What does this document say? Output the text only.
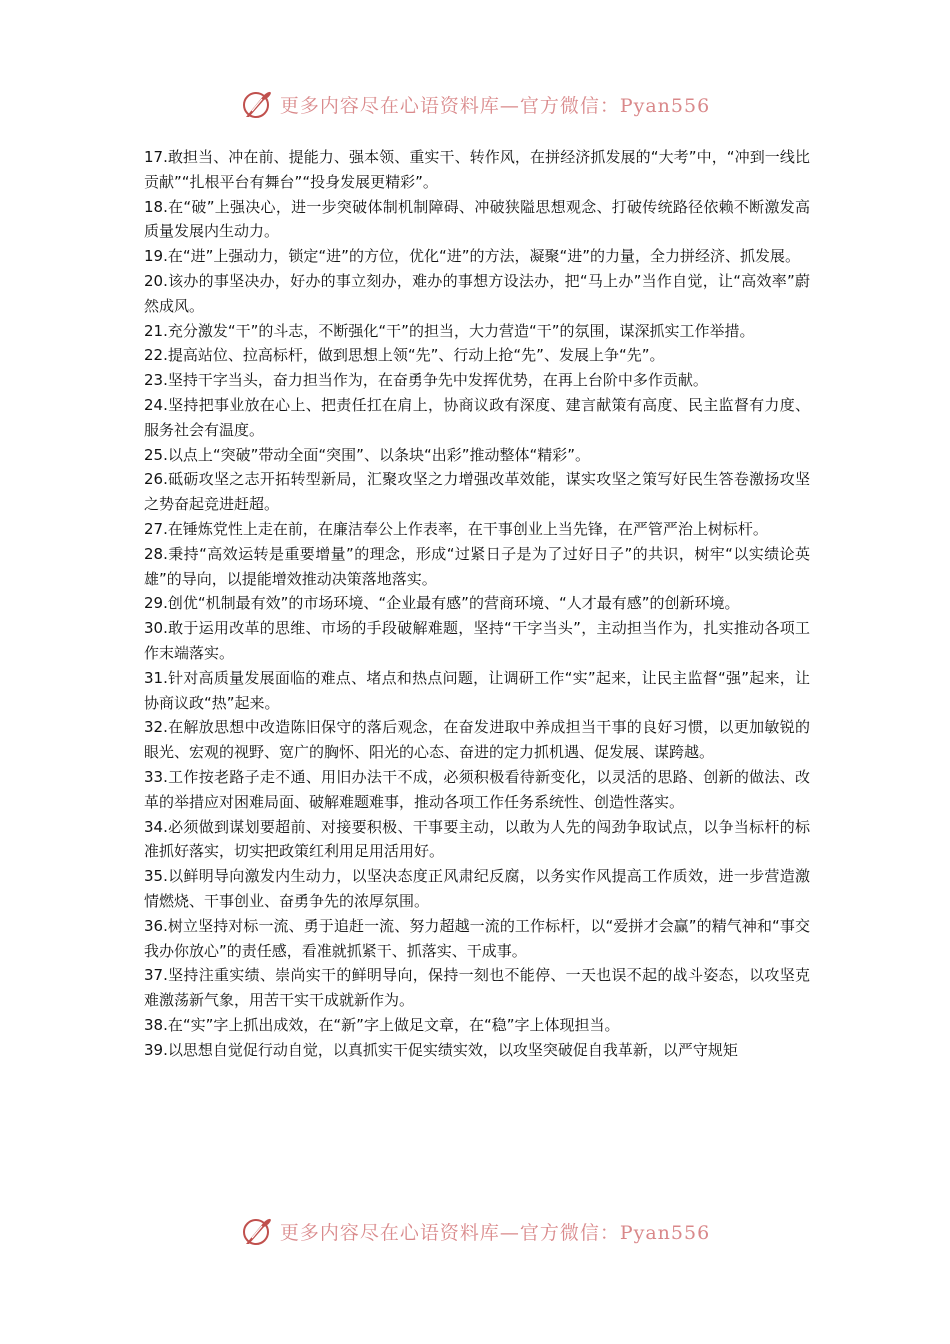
更多内容尽在心语资料库—官方微信：Pyan556

17.敢担当、冲在前、提能力、强本领、重实干、转作风，在拼经济抓发展的“大考”中，“冲到一线比贡献”“扎根平台有舞台”“投身发展更精彩”。

18.在“破”上强决心，进一步突破体制机制障碍、冲破狭隘思想观念、打破传统路径依赖不断激发高质量发展内生动力。

19.在“进”上强动力，锁定“进”的方位，优化“进”的方法，凝聚“进”的力量，全力拼经济、抓发展。

20.该办的事坚决办，好办的事立刻办，难办的事想方设法办，把“马上办”当作自觉，让“高效率”蔚然成风。

21.充分激发“干”的斗志，不断强化“干”的担当，大力营造“干”的氛围，谋深抓实工作举措。

22.提高站位、拉高标杆，做到思想上领“先”、行动上抢“先”、发展上争“先”。

23.坚持干字当头，奋力担当作为，在奋勇争先中发挥优势，在再上台阶中多作贡献。

24.坚持把事业放在心上、把责任扛在肩上，协商议政有深度、建言献策有高度、民主监督有力度、服务社会有温度。

25.以点上“突破”带动全面“突围”、以条块“出彩”推动整体“精彩”。

26.砥砺攻坚之志开拓转型新局，汇聚攻坚之力增强改革效能，谋实攻坚之策写好民生答卷激扬攻坚之势奋起竞进赶超。

27.在锤炼党性上走在前，在廉洁奉公上作表率，在干事创业上当先锋，在严管严治上树标杆。

28.秉持“高效运转是重要增量”的理念，形成“过紧日子是为了过好日子”的共识，树牢“以实绩论英雄”的导向，以提能增效推动决策落地落实。

29.创优“机制最有效”的市场环境、“企业最有感”的营商环境、“人才最有感”的创新环境。

30.敢于运用改革的思维、市场的手段破解难题，坚持“干字当头”，主动担当作为，扎实推动各项工作末端落实。

31.针对高质量发展面临的难点、堵点和热点问题，让调研工作“实”起来，让民主监督“强”起来，让协商议政“热”起来。

32.在解放思想中改造陈旧保守的落后观念，在奋发进取中养成担当干事的良好习惯，以更加敏锐的眼光、宏观的视野、宽广的胸怀、阳光的心态、奋进的定力抓机遇、促发展、谋跨越。

33.工作按老路子走不通、用旧办法干不成，必须积极看待新变化，以灵活的思路、创新的做法、改革的举措应对困难局面、破解难题难事，推动各项工作任务系统性、创造性落实。

34.必须做到谋划要超前、对接要积极、干事要主动，以敢为人先的闯劲争取试点，以争当标杆的标准抓好落实，切实把政策红利用足用活用好。

35.以鲜明导向激发内生动力，以坚决态度正风肃纪反腐，以务实作风提高工作质效，进一步营造激情燃烧、干事创业、奋勇争先的浓厚氛围。

36.树立坚持对标一流、勇于追赶一流、努力超越一流的工作标杆，以“爱拼才会赢”的精气神和“事交我办你放心”的责任感，看准就抓紧干、抓落实、干成事。

37.坚持注重实绩、崇尚实干的鲜明导向，保持一刻也不能停、一天也误不起的战斗姿态，以攻坚克难激荡新气象，用苦干实干成就新作为。

38.在“实”字上抓出成效，在“新”字上做足文章，在“稳”字上体现担当。

39.以思想自觉促行动自觉，以真抓实干促实绩实效，以攻坚突破促自我革新，以严守规矩

更多内容尽在心语资料库—官方微信：Pyan556
